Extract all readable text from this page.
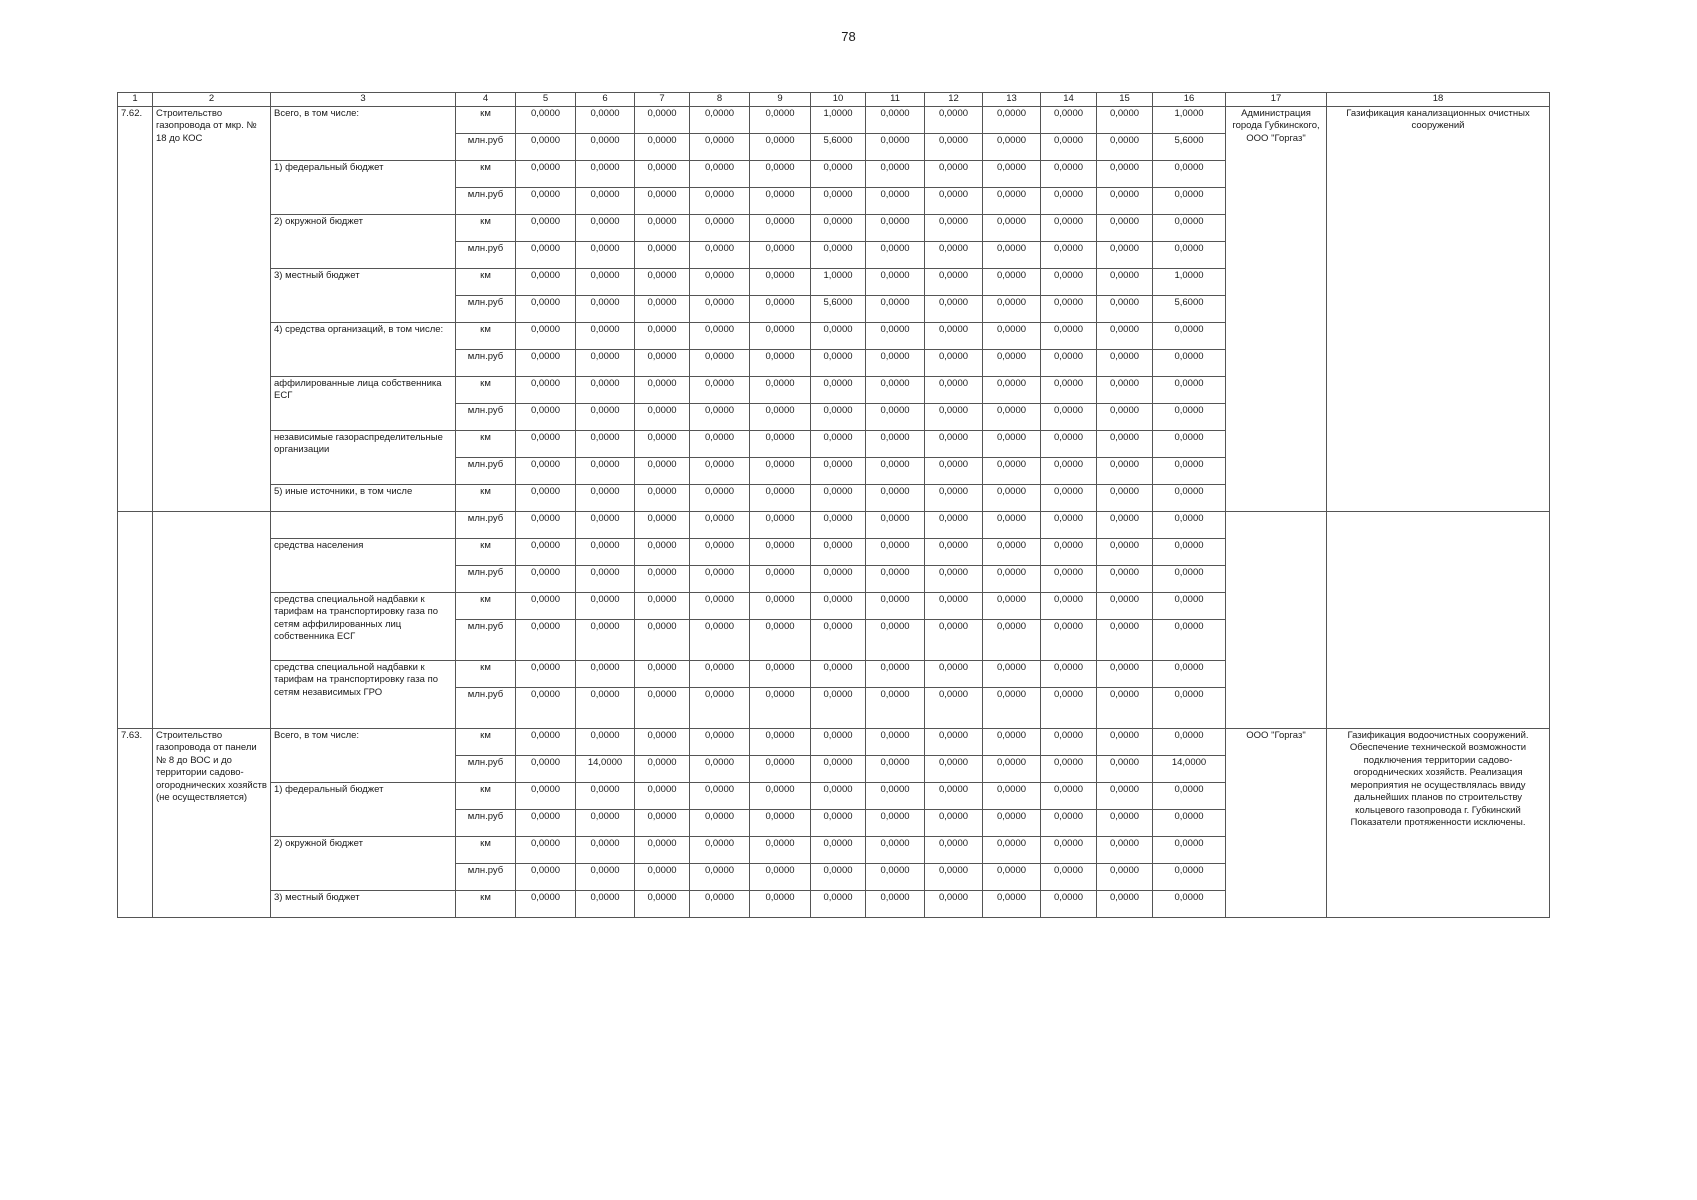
78
1	2	3	4	5	6	7	8	9	10	11	12	13	14	15	16	17	18
7.62.	Строительство газопровода от мкр. № 18 до КОС	Всего, в том числе:	км	0,0000	0,0000	0,0000	0,0000	0,0000	1,0000	0,0000	0,0000	0,0000	0,0000	0,0000	1,0000	Администрация города Губкинского, ООО "Горгаз"	Газификация канализационных очистных сооружений
			млн.руб	0,0000	0,0000	0,0000	0,0000	0,0000	5,6000	0,0000	0,0000	0,0000	0,0000	0,0000	5,6000		
		1) федеральный бюджет	км	0,0000	0,0000	0,0000	0,0000	0,0000	0,0000	0,0000	0,0000	0,0000	0,0000	0,0000	0,0000		
			млн.руб	0,0000	0,0000	0,0000	0,0000	0,0000	0,0000	0,0000	0,0000	0,0000	0,0000	0,0000	0,0000		
		2) окружной бюджет	км	0,0000	0,0000	0,0000	0,0000	0,0000	0,0000	0,0000	0,0000	0,0000	0,0000	0,0000	0,0000		
			млн.руб	0,0000	0,0000	0,0000	0,0000	0,0000	0,0000	0,0000	0,0000	0,0000	0,0000	0,0000	0,0000		
		3) местный бюджет	км	0,0000	0,0000	0,0000	0,0000	0,0000	1,0000	0,0000	0,0000	0,0000	0,0000	0,0000	1,0000		
			млн.руб	0,0000	0,0000	0,0000	0,0000	0,0000	5,6000	0,0000	0,0000	0,0000	0,0000	0,0000	5,6000		
		4) средства организаций, в том числе:	км	0,0000	0,0000	0,0000	0,0000	0,0000	0,0000	0,0000	0,0000	0,0000	0,0000	0,0000	0,0000		
			млн.руб	0,0000	0,0000	0,0000	0,0000	0,0000	0,0000	0,0000	0,0000	0,0000	0,0000	0,0000	0,0000		
		аффилированные лица собственника ЕСГ	км	0,0000	0,0000	0,0000	0,0000	0,0000	0,0000	0,0000	0,0000	0,0000	0,0000	0,0000	0,0000		
			млн.руб	0,0000	0,0000	0,0000	0,0000	0,0000	0,0000	0,0000	0,0000	0,0000	0,0000	0,0000	0,0000		
		независимые газораспределительные организации	км	0,0000	0,0000	0,0000	0,0000	0,0000	0,0000	0,0000	0,0000	0,0000	0,0000	0,0000	0,0000		
			млн.руб	0,0000	0,0000	0,0000	0,0000	0,0000	0,0000	0,0000	0,0000	0,0000	0,0000	0,0000	0,0000		
		5) иные источники, в том числе	км	0,0000	0,0000	0,0000	0,0000	0,0000	0,0000	0,0000	0,0000	0,0000	0,0000	0,0000	0,0000		
			млн.руб	0,0000	0,0000	0,0000	0,0000	0,0000	0,0000	0,0000	0,0000	0,0000	0,0000	0,0000	0,0000		
		средства населения	км	0,0000	0,0000	0,0000	0,0000	0,0000	0,0000	0,0000	0,0000	0,0000	0,0000	0,0000	0,0000		
			млн.руб	0,0000	0,0000	0,0000	0,0000	0,0000	0,0000	0,0000	0,0000	0,0000	0,0000	0,0000	0,0000		
		средства специальной надбавки к тарифам на транспортировку газа по сетям аффилированных лиц собственника ЕСГ	км	0,0000	0,0000	0,0000	0,0000	0,0000	0,0000	0,0000	0,0000	0,0000	0,0000	0,0000	0,0000		
			млн.руб	0,0000	0,0000	0,0000	0,0000	0,0000	0,0000	0,0000	0,0000	0,0000	0,0000	0,0000	0,0000		
		средства специальной надбавки к тарифам на транспортировку газа по сетям независимых ГРО	км	0,0000	0,0000	0,0000	0,0000	0,0000	0,0000	0,0000	0,0000	0,0000	0,0000	0,0000	0,0000		
			млн.руб	0,0000	0,0000	0,0000	0,0000	0,0000	0,0000	0,0000	0,0000	0,0000	0,0000	0,0000	0,0000		
7.63.	Строительство газопровода от панели № 8 до ВОС и до территории садово-огороднических хозяйств (не осуществляется)	Всего, в том числе:	км	0,0000	0,0000	0,0000	0,0000	0,0000	0,0000	0,0000	0,0000	0,0000	0,0000	0,0000	0,0000	ООО "Горгаз"	Газификация водоочистных сооружений. Обеспечение технической возможности подключения территории садово-огороднических хозяйств. Реализация мероприятия не осуществлялась ввиду дальнейших планов по строительству кольцевого газопровода г. Губкинский Показатели протяженности исключены.
			млн.руб	0,0000	14,0000	0,0000	0,0000	0,0000	0,0000	0,0000	0,0000	0,0000	0,0000	0,0000	14,0000		
		1) федеральный бюджет	км	0,0000	0,0000	0,0000	0,0000	0,0000	0,0000	0,0000	0,0000	0,0000	0,0000	0,0000	0,0000		
			млн.руб	0,0000	0,0000	0,0000	0,0000	0,0000	0,0000	0,0000	0,0000	0,0000	0,0000	0,0000	0,0000		
		2) окружной бюджет	км	0,0000	0,0000	0,0000	0,0000	0,0000	0,0000	0,0000	0,0000	0,0000	0,0000	0,0000	0,0000		
			млн.руб	0,0000	0,0000	0,0000	0,0000	0,0000	0,0000	0,0000	0,0000	0,0000	0,0000	0,0000	0,0000		
		3) местный бюджет	км	0,0000	0,0000	0,0000	0,0000	0,0000	0,0000	0,0000	0,0000	0,0000	0,0000	0,0000	0,0000		
